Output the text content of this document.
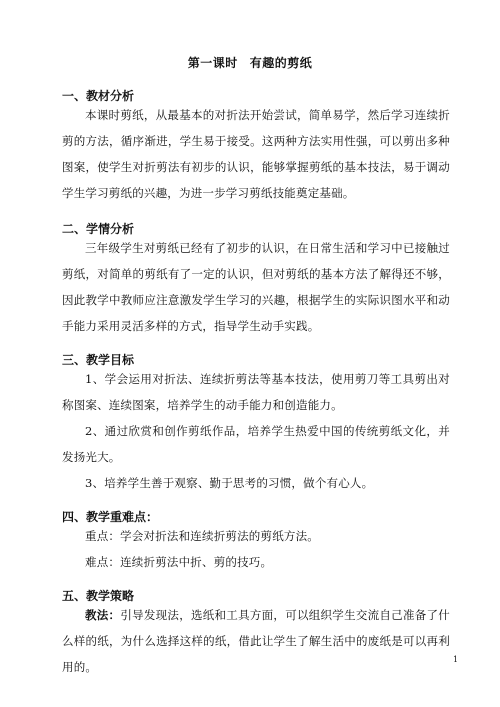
第一课时 有趣的剪纸
一、教材分析
本课时剪纸，从最基本的对折法开始尝试，简单易学，然后学习连续折剪的方法，循序渐进，学生易于接受。这两种方法实用性强，可以剪出多种图案，使学生对折剪法有初步的认识，能够掌握剪纸的基本技法，易于调动学生学习剪纸的兴趣，为进一步学习剪纸技能奠定基础。
二、学情分析
三年级学生对剪纸已经有了初步的认识，在日常生活和学习中已接触过剪纸，对简单的剪纸有了一定的认识，但对剪纸的基本方法了解得还不够，因此教学中教师应注意激发学生学习的兴趣，根据学生的实际识图水平和动手能力采用灵活多样的方式，指导学生动手实践。
三、教学目标
1、学会运用对折法、连续折剪法等基本技法，使用剪刀等工具剪出对称图案、连续图案，培养学生的动手能力和创造能力。
2、通过欣赏和创作剪纸作品，培养学生热爱中国的传统剪纸文化，并发扬光大。
3、培养学生善于观察、勤于思考的习惯，做个有心人。
四、教学重难点：
重点：学会对折法和连续折剪法的剪纸方法。
难点：连续折剪法中折、剪的技巧。
五、教学策略
教法：引导发现法，选纸和工具方面，可以组织学生交流自己准备了什么样的纸，为什么选择这样的纸，借此让学生了解生活中的废纸是可以再利用的。
1
